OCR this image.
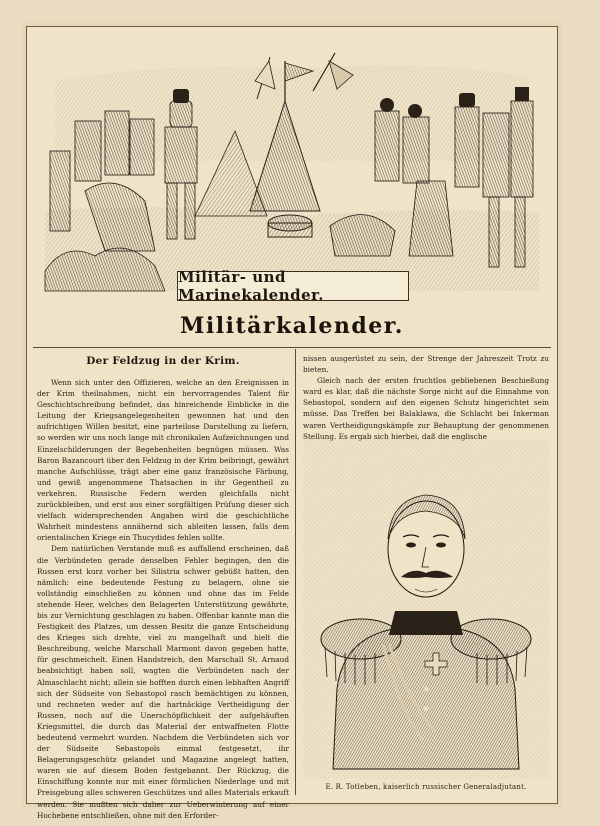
Militär- und Marinekalender.
Militärkalender.
Der Feldzug in der Krim.

Wenn sich unter den Offizieren, welche an den Ereignissen in der Krim theilnahmen, nicht ein hervorragendes Talent für Geschichtschreibung befindet, das hinreichende Einblicke in die Leitung der Kriegsangelegenheiten gewonnen hat und den aufrichtigen Willen besitzt, eine parteilose Darstellung zu liefern, so werden wir uns noch lange mit chronikalen Aufzeichnungen und Einzelschilderungen der Begebenheiten begnügen müssen. Was Baron Bazancourt über den Feldzug in der Krim beibringt, gewährt manche Aufschlüsse, trägt aber eine ganz französische Färbung, und gewiß angenommene Thatsachen in ihr Gegentheil zu verkehren. Russische Federn werden gleichfalls nicht zurückbleiben, und erst aus einer sorgfältigen Prüfung dieser sich vielfach widersprechenden Angaben wird die geschichtliche Wahrheit mindestens annähernd sich ableiten lassen, falls dem orientalischen Kriege ein Thucydides fehlen sollte.

Dem natürlichen Verstande muß es auffallend erscheinen, daß die Verbündeten gerade denselben Fehler begingen, den die Russen erst kurz vorher bei Silistria schwer gebüßt hatten, den nämlich: eine bedeutende Festung zu belagern, ohne sie vollständig einschließen zu können und ohne das im Felde stehende Heer, welches den Belagerten Unterstützung gewährte, bis zur Vernichtung geschlagen zu haben. Offenbar kannte man die Festigkeit des Platzes, um dessen Besitz die ganze Entscheidung des Krieges sich drehte, viel zu mangelhaft und hielt die Beschreibung, welche Marschall Marmont davon gegeben hatte, für geschmeichelt. Einen Handstreich, den Marschall St. Arnaud beabsichtigt haben soll, wagten die Verbündeten nach der Almaschlacht nicht; allein sie hofften durch einen lebhaften Angriff sich der Südseite von Sebastopol rasch bemächtigen zu können, und rechneten weder auf die hartnäckige Vertheidigung der Russen, noch auf die Unerschöpflichkeit der aufgehäuften Kriegsmittel, die durch das Material der entwaffneten Flotte bedeutend vermehrt wurden. Nachdem die Verbündeten sich vor der Südseite Sebastopols einmal festgesetzt, ihr Belagerungsgeschütz gelandet und Magazine angelegt hatten, waren sie auf diesem Boden festgebannt. Der Rückzug, die Einschiffung konnte nur mit einer förmlichen Niederlage und mit Preisgebung alles schweren Geschützes und alles Materials erkauft werden. Sie mußten sich daher zur Ueberwinterung auf einer Hochebene entschließen, ohne mit den Erforder-

nissen ausgerüstet zu sein, der Strenge der Jahreszeit Trotz zu bieten.
Gleich nach der ersten fruchtlos gebliebenen Beschießung ward es klar, daß die nächste Sorge nicht auf die Einnahme von Sebastopol, sondern auf den eigenen Schutz hingerichtet sein müsse. Das Treffen bei Balaklawa, die Schlacht bei Inkerman waren Vertheidigungskämpfe zur Behauptung der genommenen Stellung. Es ergab sich hierbei, daß die englische

E. R. Totleben, kaiserlich russischer Generaladjutant.
